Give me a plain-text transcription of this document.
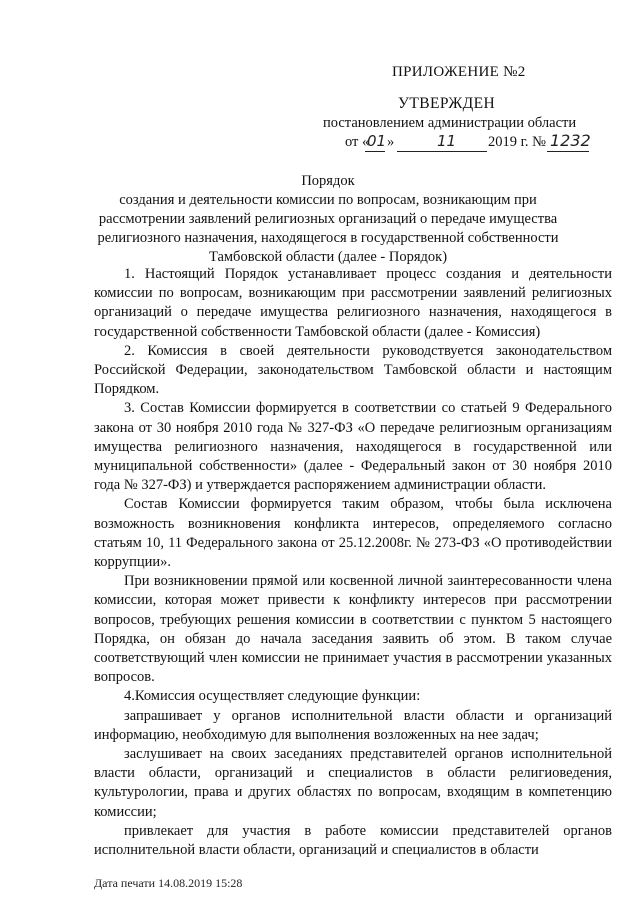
ПРИЛОЖЕНИЕ №2
УТВЕРЖДЕН
постановлением администрации области
от «
01 »	11 2019 г. № 1232
Порядок
создания и деятельности комиссии по вопросам, возникающим при рассмотрении заявлений религиозных организаций о передаче имущества религиозного назначения, находящегося в государственной собственности Тамбовской области (далее - Порядок)

1. Настоящий Порядок устанавливает процесс создания и деятельности комиссии по вопросам, возникающим при рассмотрении заявлений религиозных организаций о передаче имущества религиозного назначения, находящегося в государственной собственности Тамбовской области (далее - Комиссия)

2. Комиссия в своей деятельности руководствуется законодательством Российской Федерации, законодательством Тамбовской области и настоящим Порядком.

3. Состав Комиссии формируется в соответствии со статьей 9 Федерального закона от 30 ноября 2010 года № 327-ФЗ «О передаче религиозным организациям имущества религиозного назначения, находящегося в государственной или муниципальной собственности» (далее - Федеральный закон от 30 ноября 2010 года № 327-ФЗ) и утверждается распоряжением администрации области.

Состав Комиссии формируется таким образом, чтобы была исключена возможность возникновения конфликта интересов, определяемого согласно статьям 10, 11 Федерального закона от 25.12.2008г. № 273-ФЗ «О противодействии коррупции».

При возникновении прямой или косвенной личной заинтересованности члена комиссии, которая может привести к конфликту интересов при рассмотрении вопросов, требующих решения комиссии в соответствии с пунктом 5 настоящего Порядка, он обязан до начала заседания заявить об этом. В таком случае соответствующий член комиссии не принимает участия в рассмотрении указанных вопросов.

4.Комиссия осуществляет следующие функции:

запрашивает у органов исполнительной власти области и организаций информацию, необходимую для выполнения возложенных на нее задач;

заслушивает на своих заседаниях представителей органов исполнительной власти области, организаций и специалистов в области религиоведения, культурологии, права и других областях по вопросам, входящим в компетенцию комиссии;

привлекает для участия в работе комиссии представителей органов исполнительной власти области, организаций и специалистов в области

Дата печати 14.08.2019 15:28
